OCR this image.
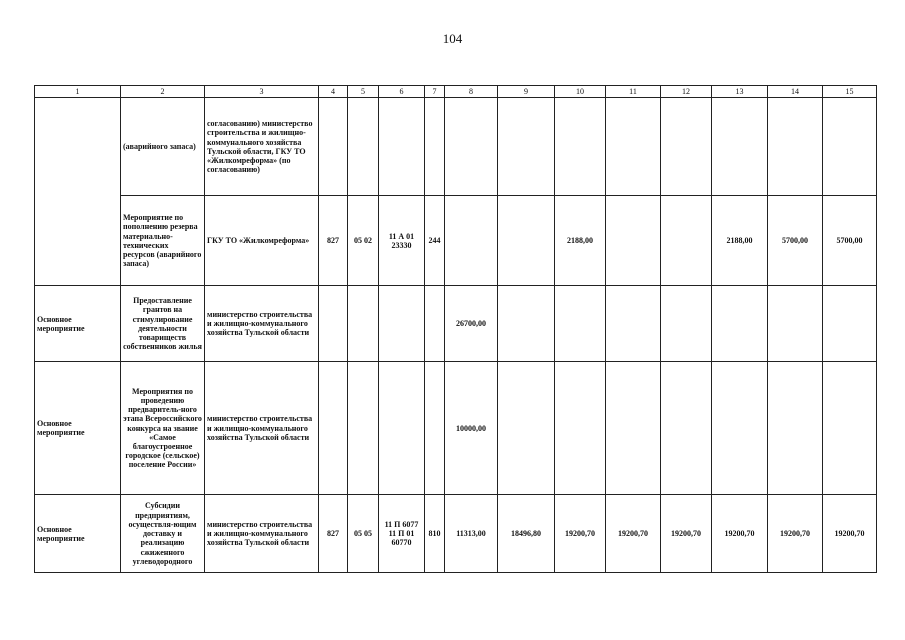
104
1	2	3	4	5	6	7	8	9	10	11	12	13	14	15
	(аварийного запаса)	согласованию) министерство строительства и жилищно-коммунального хозяйства Тульской области, ГКУ ТО «Жилкомреформа» (по согласованию)												
	Мероприятие по пополнению резерва материально-технических ресурсов (аварийного запаса)	ГКУ ТО «Жилкомреформа»	827	05 02	11 А 01 23330	244			2188,00			2188,00	5700,00	5700,00
Основное мероприятие	Предоставление грантов на стимулирование деятельности товариществ собственников жилья	министерство строительства и жилищно-коммунального хозяйства Тульской области					26700,00							
Основное мероприятие	Мероприятия по проведению предваритель-ного этапа Всероссийского конкурса на звание «Самое благоустроенное городское (сельское) поселение России»	министерство строительства и жилищно-коммунального хозяйства Тульской области					10000,00							
Основное мероприятие	Субсидии предприятиям, осуществля-ющим доставку и реализацию сжиженного углеводородного	министерство строительства и жилищно-коммунального хозяйства Тульской области	827	05 05	11 П 6077 11 П 01 60770	810	11313,00	18496,80	19200,70	19200,70	19200,70	19200,70	19200,70	19200,70
